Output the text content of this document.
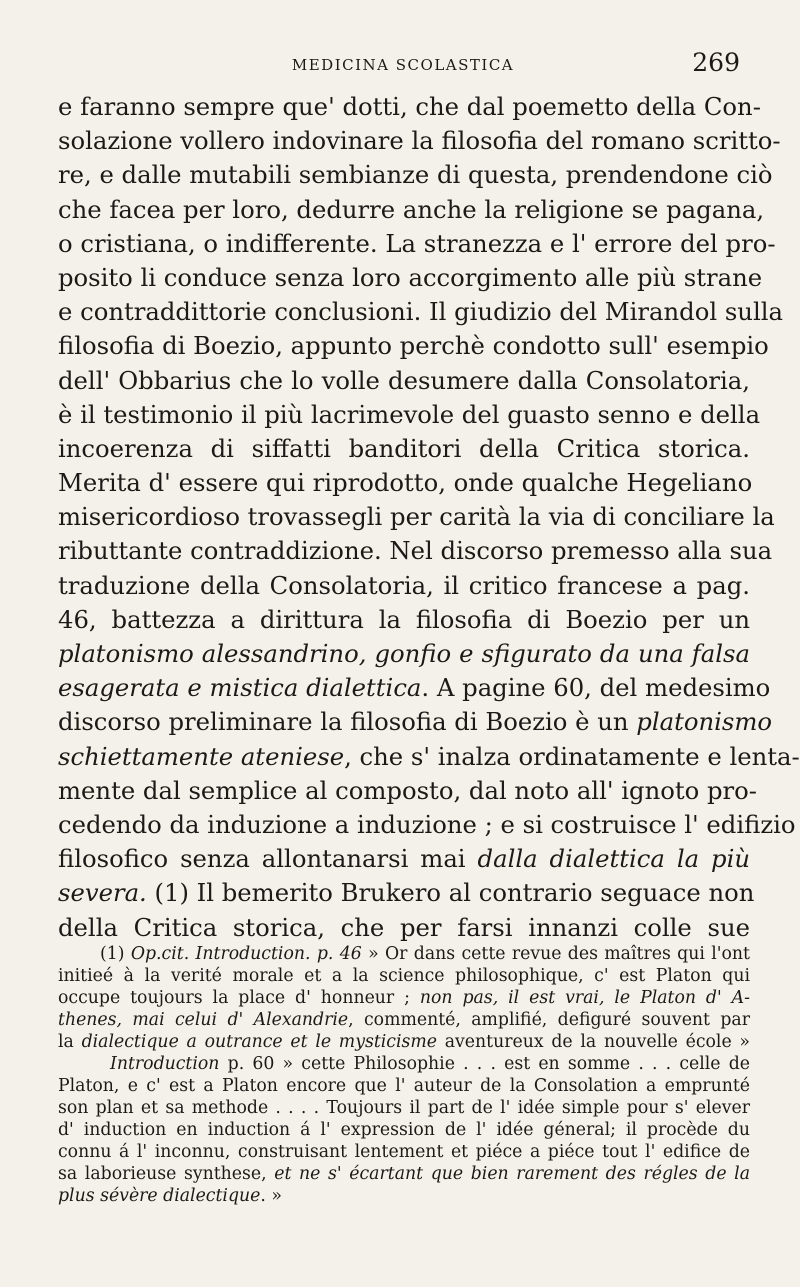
MEDICINA SCOLASTICA	269
e faranno sempre que' dotti, che dal poemetto della Con-
solazione vollero indovinare la filosofia del romano scritto-
re, e dalle mutabili sembianze di questa, prendendone ciò
che facea per loro, dedurre anche la religione se pagana,
o cristiana, o indifferente. La stranezza e l' errore del pro-
posito li conduce senza loro accorgimento alle più strane
e contraddittorie conclusioni. Il giudizio del Mirandol sulla
filosofia di Boezio, appunto perchè condotto sull' esempio
dell' Obbarius che lo volle desumere dalla Consolatoria,
è il testimonio il più lacrimevole del guasto senno e della
incoerenza di siffatti banditori della Critica storica.
Merita d' essere qui riprodotto, onde qualche Hegeliano
misericordioso trovassegli per carità la via di conciliare la
ributtante contraddizione. Nel discorso premesso alla sua
traduzione della Consolatoria, il critico francese a pag.
46, battezza a dirittura la filosofia di Boezio per un
platonismo alessandrino, gonfio e sfigurato da una falsa
esagerata e mistica dialettica. A pagine 60, del medesimo
discorso preliminare la filosofia di Boezio è un platonismo
schiettamente ateniese, che s' inalza ordinatamente e lenta-
mente dal semplice al composto, dal noto all' ignoto pro-
cedendo da induzione a induzione ; e si costruisce l' edifizio
filosofico senza allontanarsi mai dalla dialettica la più
severa. (1) Il bemerito Brukero al contrario seguace non
della Critica storica, che per farsi innanzi colle sue
(1) Op.cit. Introduction. p. 46 » Or dans cette revue des maîtres qui l'ont
initieé à la verité morale et a la science philosophique, c' est Platon qui
occupe toujours la place d' honneur ; non pas, il est vrai, le Platon d' A-
thenes, mai celui d' Alexandrie, commenté, amplifié, defiguré souvent par
la dialectique a outrance et le mysticisme aventureux de la nouvelle école »
Introduction p. 60 » cette Philosophie . . . est en somme . . . celle de
Platon, e c' est a Platon encore que l' auteur de la Consolation a emprunté
son plan et sa methode . . . . Toujours il part de l' idée simple pour s' elever
d' induction en induction á l' expression de l' idée géneral; il procède du
connu á l' inconnu, construisant lentement et piéce a piéce tout l' edifice de
sa laborieuse synthese, et ne s' écartant que bien rarement des régles de la
plus sévère dialectique. »
